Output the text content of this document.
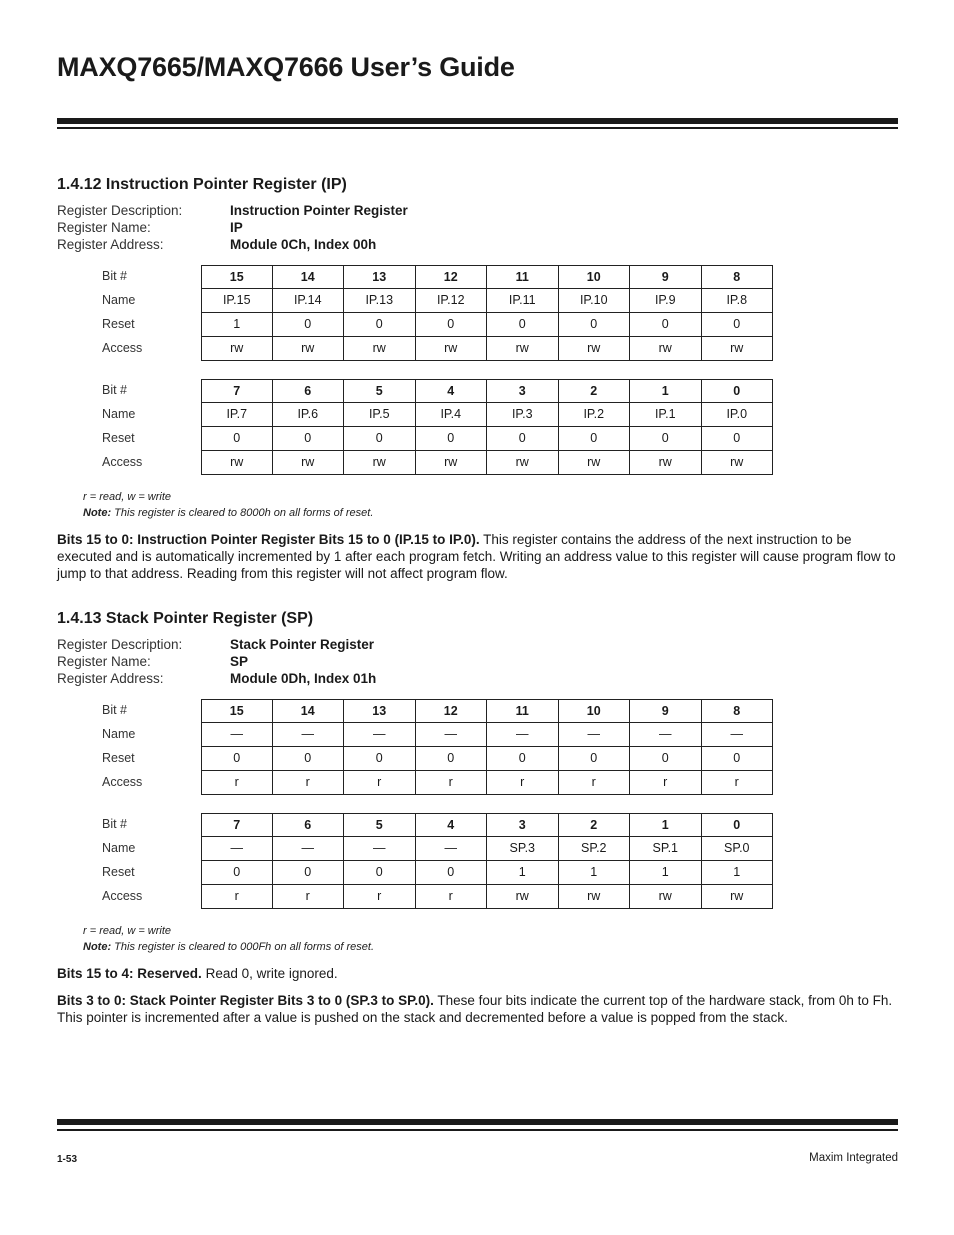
MAXQ7665/MAXQ7666 User’s Guide
1.4.12 Instruction Pointer Register (IP)
Register Description:	Instruction Pointer Register
Register Name:	IP
Register Address:	Module 0Ch, Index 00h
Bit #	15	14	13	12	11	10	9	8
Name	IP.15	IP.14	IP.13	IP.12	IP.11	IP.10	IP.9	IP.8
Reset	1	0	0	0	0	0	0	0
Access	rw	rw	rw	rw	rw	rw	rw	rw
Bit #	7	6	5	4	3	2	1	0
Name	IP.7	IP.6	IP.5	IP.4	IP.3	IP.2	IP.1	IP.0
Reset	0	0	0	0	0	0	0	0
Access	rw	rw	rw	rw	rw	rw	rw	rw
r = read, w = write
Note: This register is cleared to 8000h on all forms of reset.

Bits 15 to 0: Instruction Pointer Register Bits 15 to 0 (IP.15 to IP.0). This register contains the address of the next instruction to be executed and is automatically incremented by 1 after each program fetch. Writing an address value to this register will cause program flow to jump to that address. Reading from this register will not affect program flow.

1.4.13 Stack Pointer Register (SP)
Register Description:	Stack Pointer Register
Register Name:	SP
Register Address:	Module 0Dh, Index 01h
Bit #	15	14	13	12	11	10	9	8
Name	—	—	—	—	—	—	—	—
Reset	0	0	0	0	0	0	0	0
Access	r	r	r	r	r	r	r	r
Bit #	7	6	5	4	3	2	1	0
Name	—	—	—	—	SP.3	SP.2	SP.1	SP.0
Reset	0	0	0	0	1	1	1	1
Access	r	r	r	r	rw	rw	rw	rw
r = read, w = write
Note: This register is cleared to 000Fh on all forms of reset.

Bits 15 to 4: Reserved. Read 0, write ignored.

Bits 3 to 0: Stack Pointer Register Bits 3 to 0 (SP.3 to SP.0). These four bits indicate the current top of the hardware stack, from 0h to Fh. This pointer is incremented after a value is pushed on the stack and decremented before a value is popped from the stack.

1-53	Maxim Integrated
